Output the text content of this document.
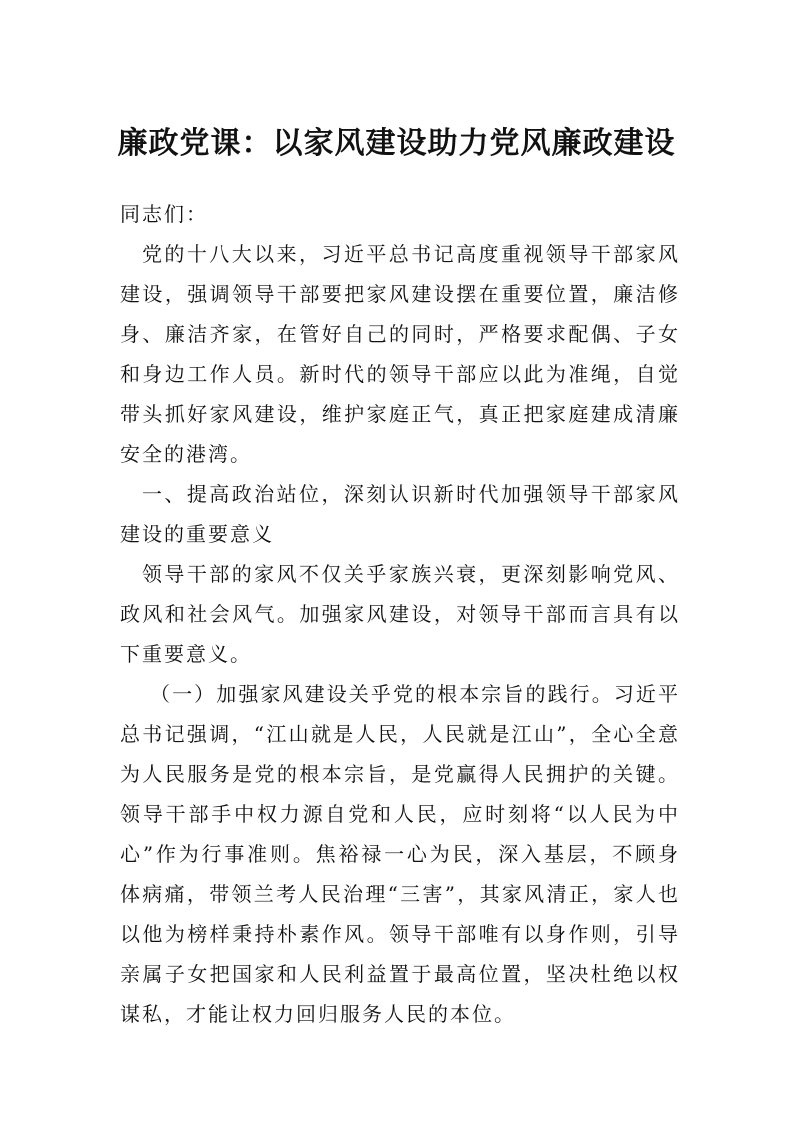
廉政党课：以家风建设助力党风廉政建设

同志们：

党的十八大以来，习近平总书记高度重视领导干部家风建设，强调领导干部要把家风建设摆在重要位置，廉洁修身、廉洁齐家，在管好自己的同时，严格要求配偶、子女和身边工作人员。新时代的领导干部应以此为准绳，自觉带头抓好家风建设，维护家庭正气，真正把家庭建成清廉安全的港湾。

一、提高政治站位，深刻认识新时代加强领导干部家风建设的重要意义

领导干部的家风不仅关乎家族兴衰，更深刻影响党风、政风和社会风气。加强家风建设，对领导干部而言具有以下重要意义。

（一）加强家风建设关乎党的根本宗旨的践行。习近平总书记强调，“江山就是人民，人民就是江山”，全心全意为人民服务是党的根本宗旨，是党赢得人民拥护的关键。领导干部手中权力源自党和人民，应时刻将“以人民为中心”作为行事准则。焦裕禄一心为民，深入基层，不顾身体病痛，带领兰考人民治理“三害”，其家风清正，家人也以他为榜样秉持朴素作风。领导干部唯有以身作则，引导亲属子女把国家和人民利益置于最高位置，坚决杜绝以权谋私，才能让权力回归服务人民的本位。
